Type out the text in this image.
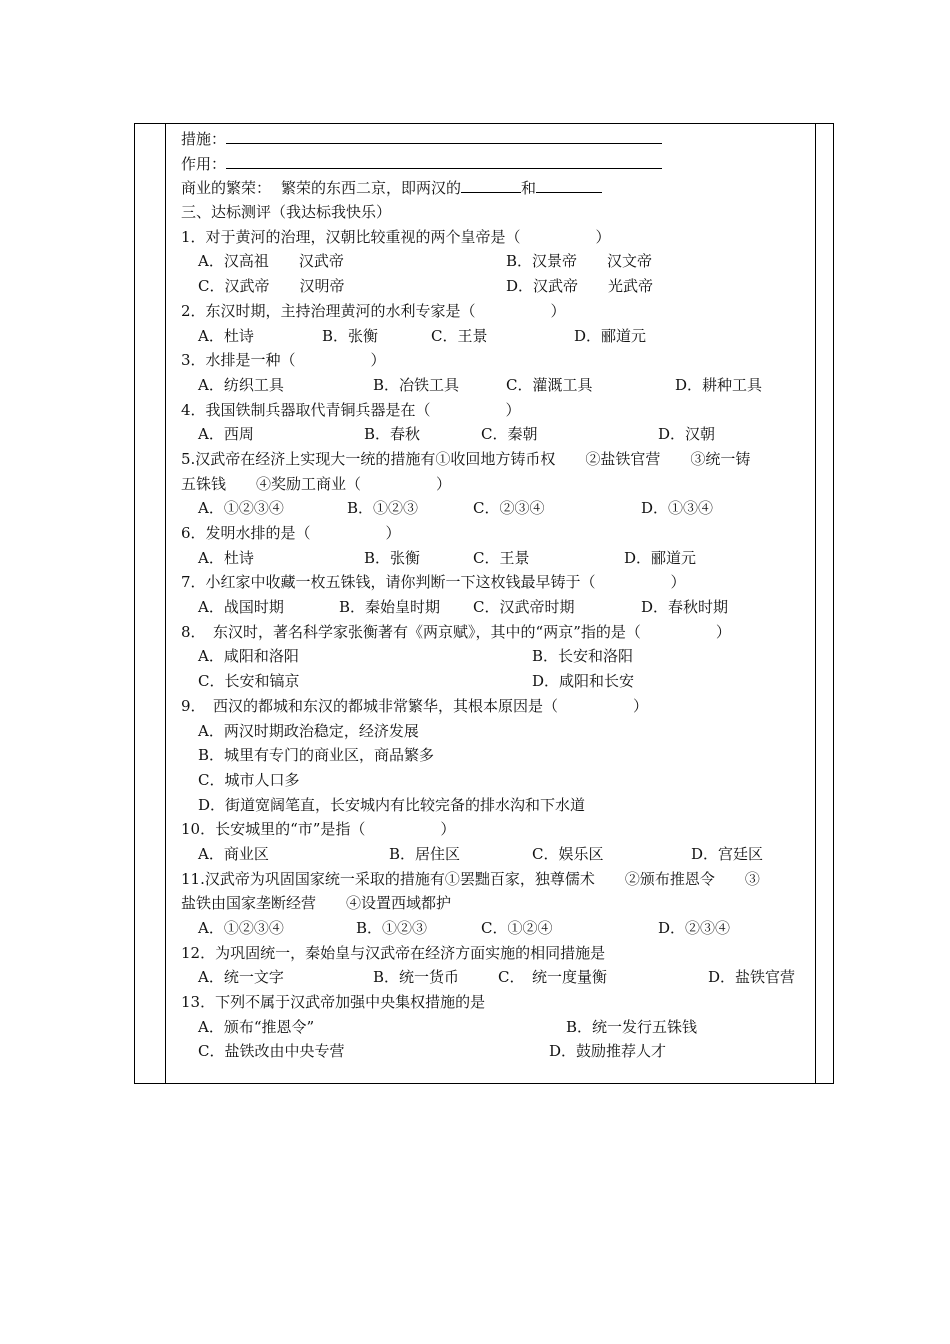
措施：
作用：
商业的繁荣： 繁荣的东西二京，即两汉的	和
三、达标测评（我达标我快乐）
1．对于黄河的治理，汉朝比较重视的两个皇帝是（　　　　　）
A．汉高祖　　汉武帝	B．汉景帝　　汉文帝
C．汉武帝　　汉明帝	D．汉武帝　　光武帝
2．东汉时期，主持治理黄河的水利专家是（　　　　　）
A．杜诗	B．张衡	C．王景	D．郦道元
3．水排是一种（　　　　　）
A．纺织工具	B．冶铁工具	C．灌溉工具	D．耕种工具
4．我国铁制兵器取代青铜兵器是在（　　　　　）
A．西周	B．春秋	C．秦朝	D．汉朝
5.汉武帝在经济上实现大一统的措施有①收回地方铸币权　　②盐铁官营　　③统一铸
五铢钱　　④奖励工商业（　　　　　）
A．①②③④	B．①②③	C．②③④	D．①③④
6．发明水排的是（　　　　　）
A．杜诗	B．张衡	C．王景	D．郦道元
7．小红家中收藏一枚五铢钱，请你判断一下这枚钱最早铸于（　　　　　）
A．战国时期	B．秦始皇时期 C．汉武帝时期	D．春秋时期
8．　东汉时，著名科学家张衡著有《两京赋》，其中的“两京”指的是（　　　　　）
A．咸阳和洛阳	B．长安和洛阳
C．长安和镐京	D．咸阳和长安
9．　西汉的都城和东汉的都城非常繁华，其根本原因是（　　　　　）
A．两汉时期政治稳定，经济发展
B．城里有专门的商业区，商品繁多
C．城市人口多
D．街道宽阔笔直，长安城内有比较完备的排水沟和下水道
10．长安城里的“市”是指（　　　　　）
A．商业区	B．居住区	C．娱乐区	D．宫廷区
11.汉武帝为巩固国家统一采取的措施有①罢黜百家，独尊儒术　　②颁布推恩令　　③
盐铁由国家垄断经营　　④设置西域都护
A．①②③④	B．①②③	C．①②④	D．②③④
12．为巩固统一，秦始皇与汉武帝在经济方面实施的相同措施是
A．统一文字	B．统一货币	C．　统一度量衡	D．盐铁官营
13．下列不属于汉武帝加强中央集权措施的是
A．颁布“推恩令”	B．统一发行五铢钱
C．盐铁改由中央专营	D．鼓励推荐人才
